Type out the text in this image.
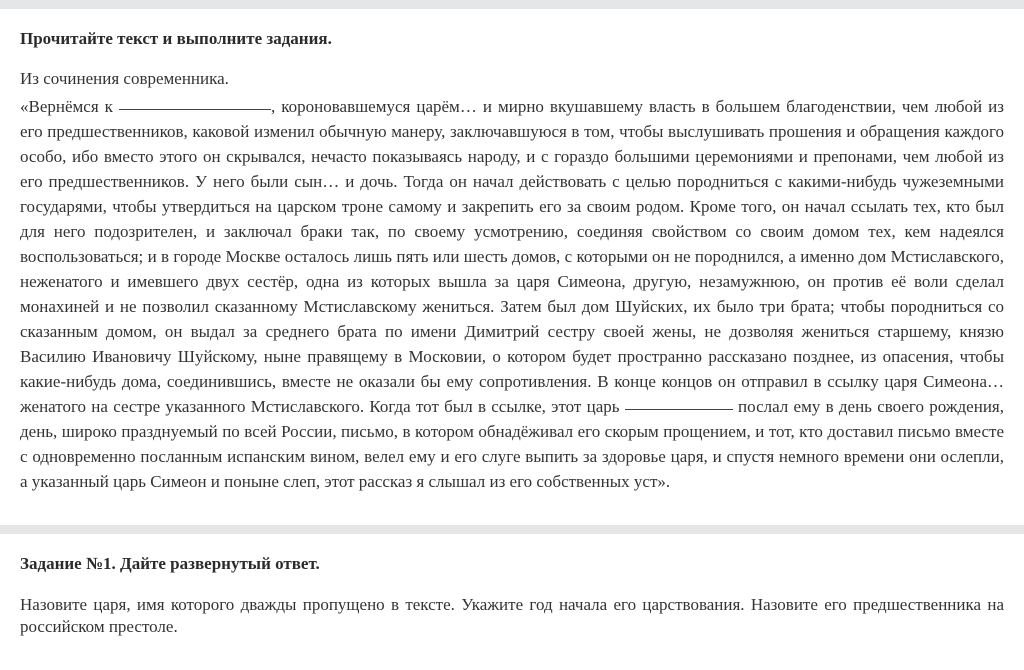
Прочитайте текст и выполните задания.

Из сочинения современника.

«Вернёмся к	, короновавшемуся царём… и мирно вкушавшему власть в большем благоденствии, чем любой из его предшественников, каковой изменил обычную манеру, заключавшуюся в том, чтобы выслушивать прошения и обращения каждого особо, ибо вместо этого он скрывался, нечасто показываясь народу, и с гораздо большими церемониями и препонами, чем любой из его предшественников. У него были сын… и дочь. Тогда он начал действовать с целью породниться с какими-нибудь чужеземными государями, чтобы утвердиться на царском троне самому и закрепить его за своим родом. Кроме того, он начал ссылать тех, кто был для него подозрителен, и заключал браки так, по своему усмотрению, соединяя свойством со своим домом тех, кем надеялся воспользоваться; и в городе Москве осталось лишь пять или шесть домов, с которыми он не породнился, а именно дом Мстиславского, неженатого и имевшего двух сестёр, одна из которых вышла за царя Симеона, другую, незамужнюю, он против её воли сделал монахиней и не позволил сказанному Мстиславскому жениться. Затем был дом Шуйских, их было три брата; чтобы породниться со сказанным домом, он выдал за среднего брата по имени Димитрий сестру своей жены, не дозволяя жениться старшему, князю Василию Ивановичу Шуйскому, ныне правящему в Московии, о котором будет пространно рассказано позднее, из опасения, чтобы какие-нибудь дома, соединившись, вместе не оказали бы ему сопротивления. В конце концов он отправил в ссылку царя Симеона… женатого на сестре указанного Мстиславского. Когда тот был в ссылке, этот царь	послал ему в день своего рождения, день, широко празднуемый по всей России, письмо, в котором обнадёживал его скорым прощением, и тот, кто доставил письмо вместе с одновременно посланным испанским вином, велел ему и его слуге выпить за здоровье царя, и спустя немного времени они ослепли, а указанный царь Симеон и поныне слеп, этот рассказ я слышал из его собственных уст».

Задание №1. Дайте развернутый ответ.

Назовите царя, имя которого дважды пропущено в тексте. Укажите год начала его царствования. Назовите его предшественника на российском престоле.
